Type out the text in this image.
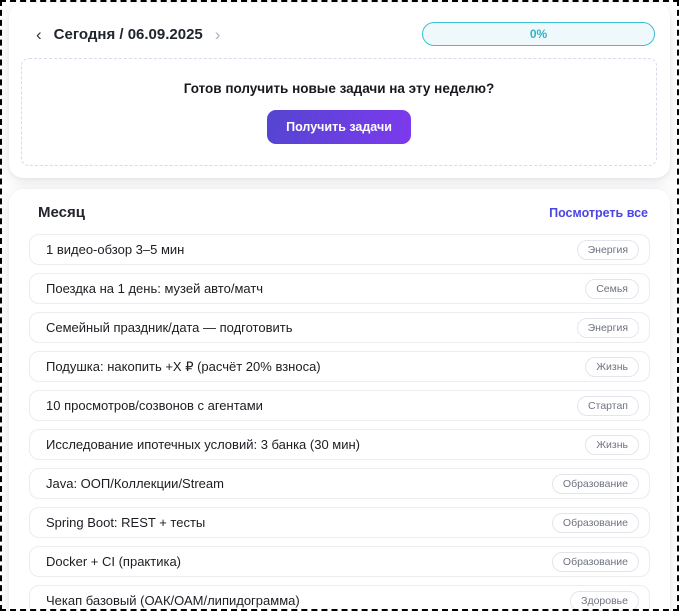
‹ Сегодня / 06.09.2025 ›	0%
Готов получить новые задачи на эту неделю?
Получить задачи
Месяц	Посмотреть все
1 видео-обзор 3–5 мин	Энергия
Поездка на 1 день: музей авто/матч	Семья
Семейный праздник/дата — подготовить	Энергия
Подушка: накопить +X ₽ (расчёт 20% взноса)	Жизнь
10 просмотров/созвонов с агентами	Стартап
Исследование ипотечных условий: 3 банка (30 мин)	Жизнь
Java: ООП/Коллекции/Stream	Образование
Spring Boot: REST + тесты	Образование
Docker + CI (практика)	Образование
Чекап базовый (ОАК/ОАМ/липидограмма)	Здоровье
